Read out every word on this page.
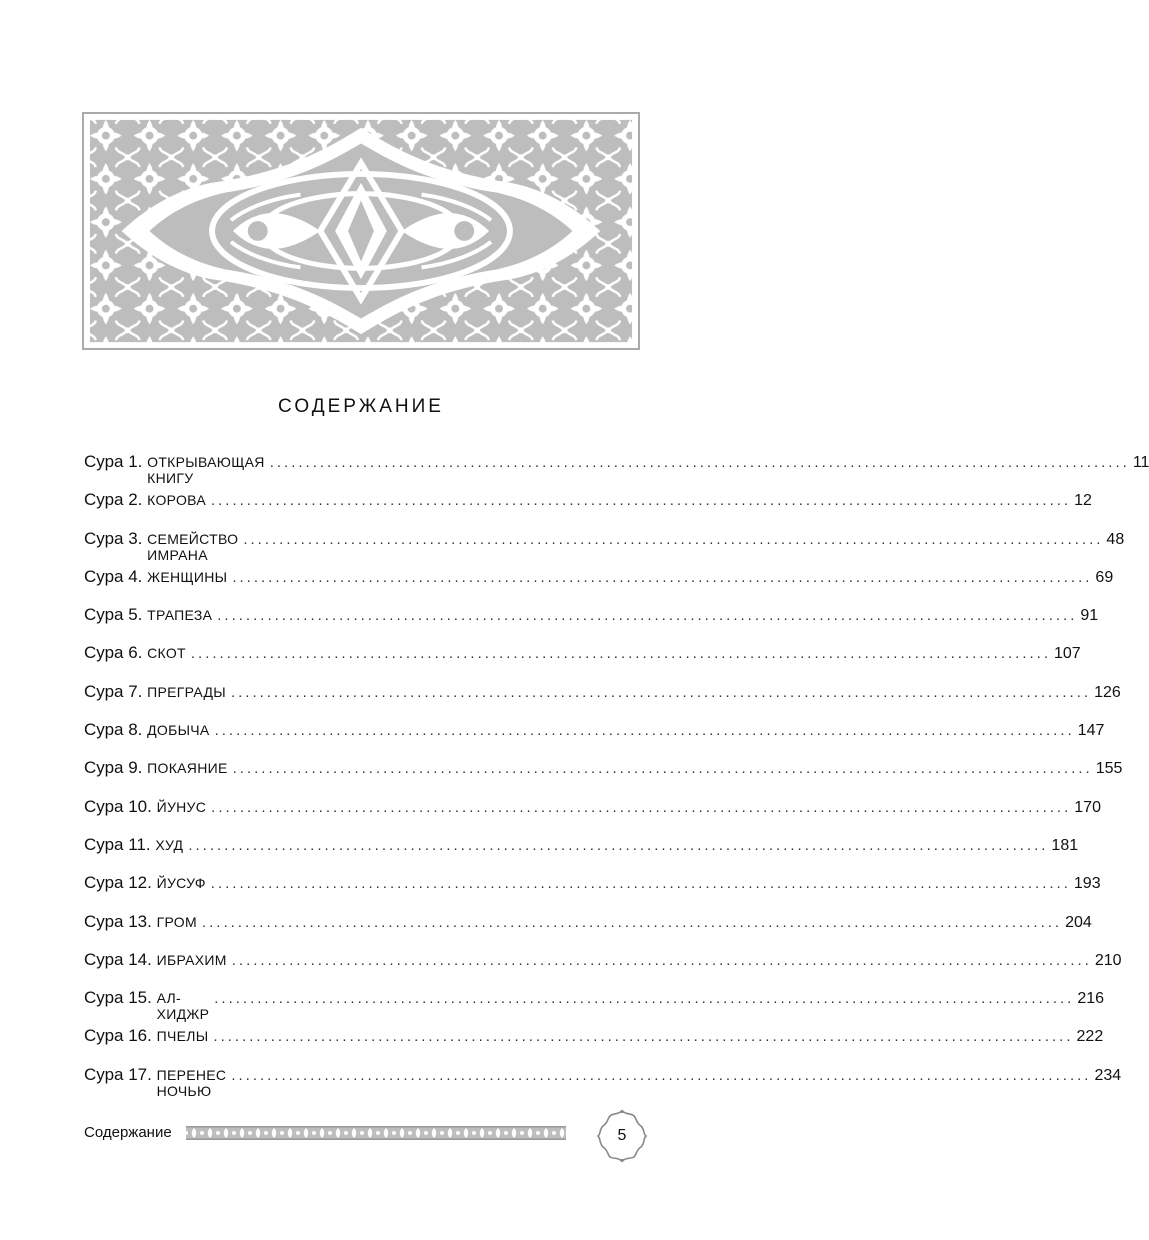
СОДЕРЖАНИЕ
Сура 1.
ОТКРЫВАЮЩАЯ КНИГУ
........................................................................................................................ 11
Сура 2.
КОРОВА ........................................................................................................................ 12
Сура 3.
СЕМЕЙСТВО ИМРАНА
........................................................................................................................ 48
Сура 4.
ЖЕНЩИНЫ ........................................................................................................................ 69
Сура 5.
ТРАПЕЗА ........................................................................................................................ 91
Сура 6.
СКОТ ........................................................................................................................ 107
Сура 7.
ПРЕГРАДЫ ........................................................................................................................ 126
Сура 8.
ДОБЫЧА ........................................................................................................................ 147
Сура 9.
ПОКАЯНИЕ ........................................................................................................................ 155
Сура 10.
ЙУНУС ........................................................................................................................ 170
Сура 11.
ХУД ........................................................................................................................ 181
Сура 12.
ЙУСУФ ........................................................................................................................ 193
Сура 13.
ГРОМ ........................................................................................................................ 204
Сура 14.
ИБРАХИМ ........................................................................................................................ 210
Сура 15.
АЛ-ХИДЖР
........................................................................................................................ 216
Сура 16.
ПЧЕЛЫ ........................................................................................................................ 222
Сура 17.
ПЕРЕНЕС НОЧЬЮ
........................................................................................................................ 234
Содержание	5
